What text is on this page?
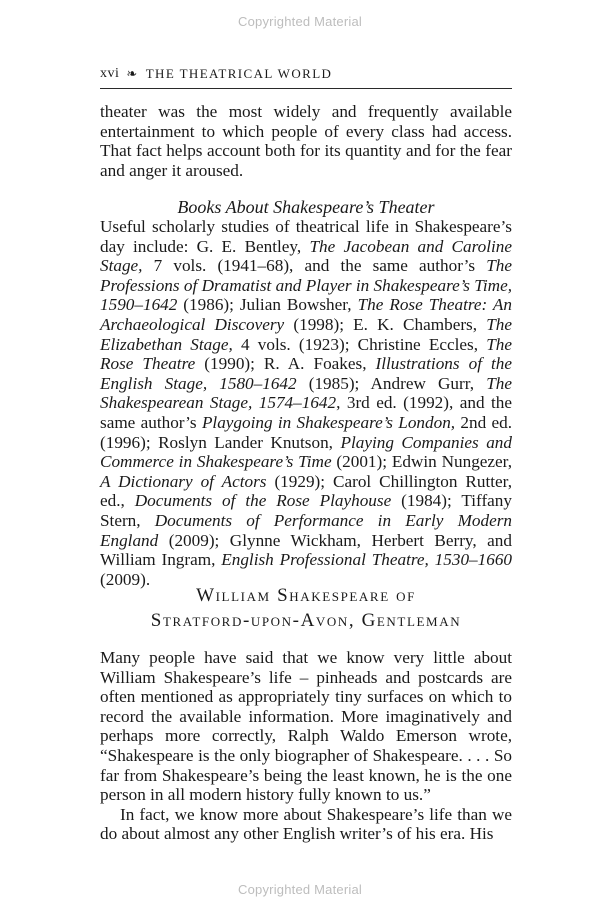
Copyrighted Material
xvi ❧ THE THEATRICAL WORLD

theater was the most widely and frequently available entertainment to which people of every class had access. That fact helps account both for its quantity and for the fear and anger it aroused.

Books About Shakespeare’s Theater

Useful scholarly studies of theatrical life in Shakespeare’s day include: G. E. Bentley, The Jacobean and Caroline Stage, 7 vols. (1941–68), and the same author’s The Professions of Dramatist and Player in Shakespeare’s Time, 1590–1642 (1986); Julian Bowsher, The Rose Theatre: An Archaeological Discovery (1998); E. K. Chambers, The Elizabethan Stage, 4 vols. (1923); Christine Eccles, The Rose Theatre (1990); R. A. Foakes, Illustrations of the English Stage, 1580–1642 (1985); Andrew Gurr, The Shakespearean Stage, 1574–1642, 3rd ed. (1992), and the same author’s Playgoing in Shakespeare’s London, 2nd ed. (1996); Roslyn Lander Knutson, Playing Companies and Commerce in Shakespeare’s Time (2001); Edwin Nungezer, A Dictionary of Actors (1929); Carol Chillington Rutter, ed., Documents of the Rose Playhouse (1984); Tiffany Stern, Documents of Performance in Early Modern England (2009); Glynne Wickham, Herbert Berry, and William Ingram, English Professional Theatre, 1530–1660 (2009).

William Shakespeare of
Stratford-upon-Avon, Gentleman

Many people have said that we know very little about William Shakespeare’s life – pinheads and postcards are often mentioned as appropriately tiny surfaces on which to record the available information. More imaginatively and perhaps more correctly, Ralph Waldo Emerson wrote, “Shakespeare is the only biographer of Shakespeare. . . . So far from Shakespeare’s being the least known, he is the one person in all modern history fully known to us.”

In fact, we know more about Shakespeare’s life than we do about almost any other English writer’s of his era. His

Copyrighted Material
